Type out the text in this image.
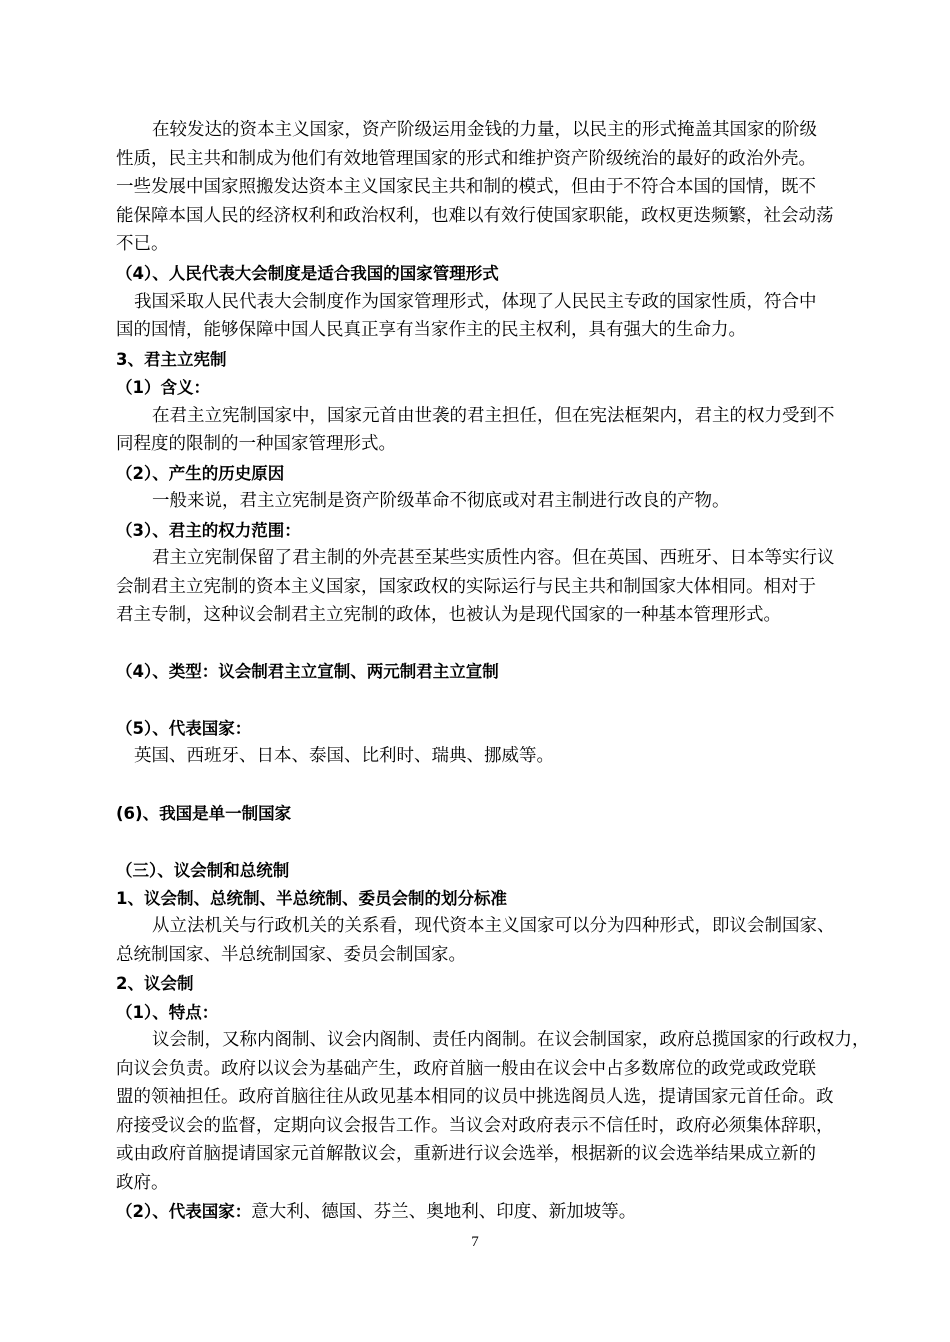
在较发达的资本主义国家，资产阶级运用金钱的力量，以民主的形式掩盖其国家的阶级
性质，民主共和制成为他们有效地管理国家的形式和维护资产阶级统治的最好的政治外壳。
一些发展中国家照搬发达资本主义国家民主共和制的模式，但由于不符合本国的国情，既不
能保障本国人民的经济权利和政治权利，也难以有效行使国家职能，政权更迭频繁，社会动荡
不已。
（4）、人民代表大会制度是适合我国的国家管理形式
我国采取人民代表大会制度作为国家管理形式，体现了人民民主专政的国家性质，符合中
国的国情，能够保障中国人民真正享有当家作主的民主权利，具有强大的生命力。
3、君主立宪制
（1）含义：
在君主立宪制国家中，国家元首由世袭的君主担任，但在宪法框架内，君主的权力受到不
同程度的限制的一种国家管理形式。
（2）、产生的历史原因
一般来说，君主立宪制是资产阶级革命不彻底或对君主制进行改良的产物。
（3）、君主的权力范围：
君主立宪制保留了君主制的外壳甚至某些实质性内容。但在英国、西班牙、日本等实行议
会制君主立宪制的资本主义国家，国家政权的实际运行与民主共和制国家大体相同。相对于
君主专制，这种议会制君主立宪制的政体，也被认为是现代国家的一种基本管理形式。
（4）、类型：议会制君主立宣制、两元制君主立宣制
（5）、代表国家：
英国、西班牙、日本、泰国、比利时、瑞典、挪威等。
(6)、我国是单一制国家
（三）、议会制和总统制
1、议会制、总统制、半总统制、委员会制的划分标准
从立法机关与行政机关的关系看，现代资本主义国家可以分为四种形式，即议会制国家、
总统制国家、半总统制国家、委员会制国家。
2、议会制
（1）、特点：
议会制，又称内阁制、议会内阁制、责任内阁制。在议会制国家，政府总揽国家的行政权力，
向议会负责。政府以议会为基础产生，政府首脑一般由在议会中占多数席位的政党或政党联
盟的领袖担任。政府首脑往往从政见基本相同的议员中挑选阁员人选，提请国家元首任命。政
府接受议会的监督，定期向议会报告工作。当议会对政府表示不信任时，政府必须集体辞职，
或由政府首脑提请国家元首解散议会，重新进行议会选举，根据新的议会选举结果成立新的
政府。
（2）、代表国家：意大利、德国、芬兰、奥地利、印度、新加坡等。
7
